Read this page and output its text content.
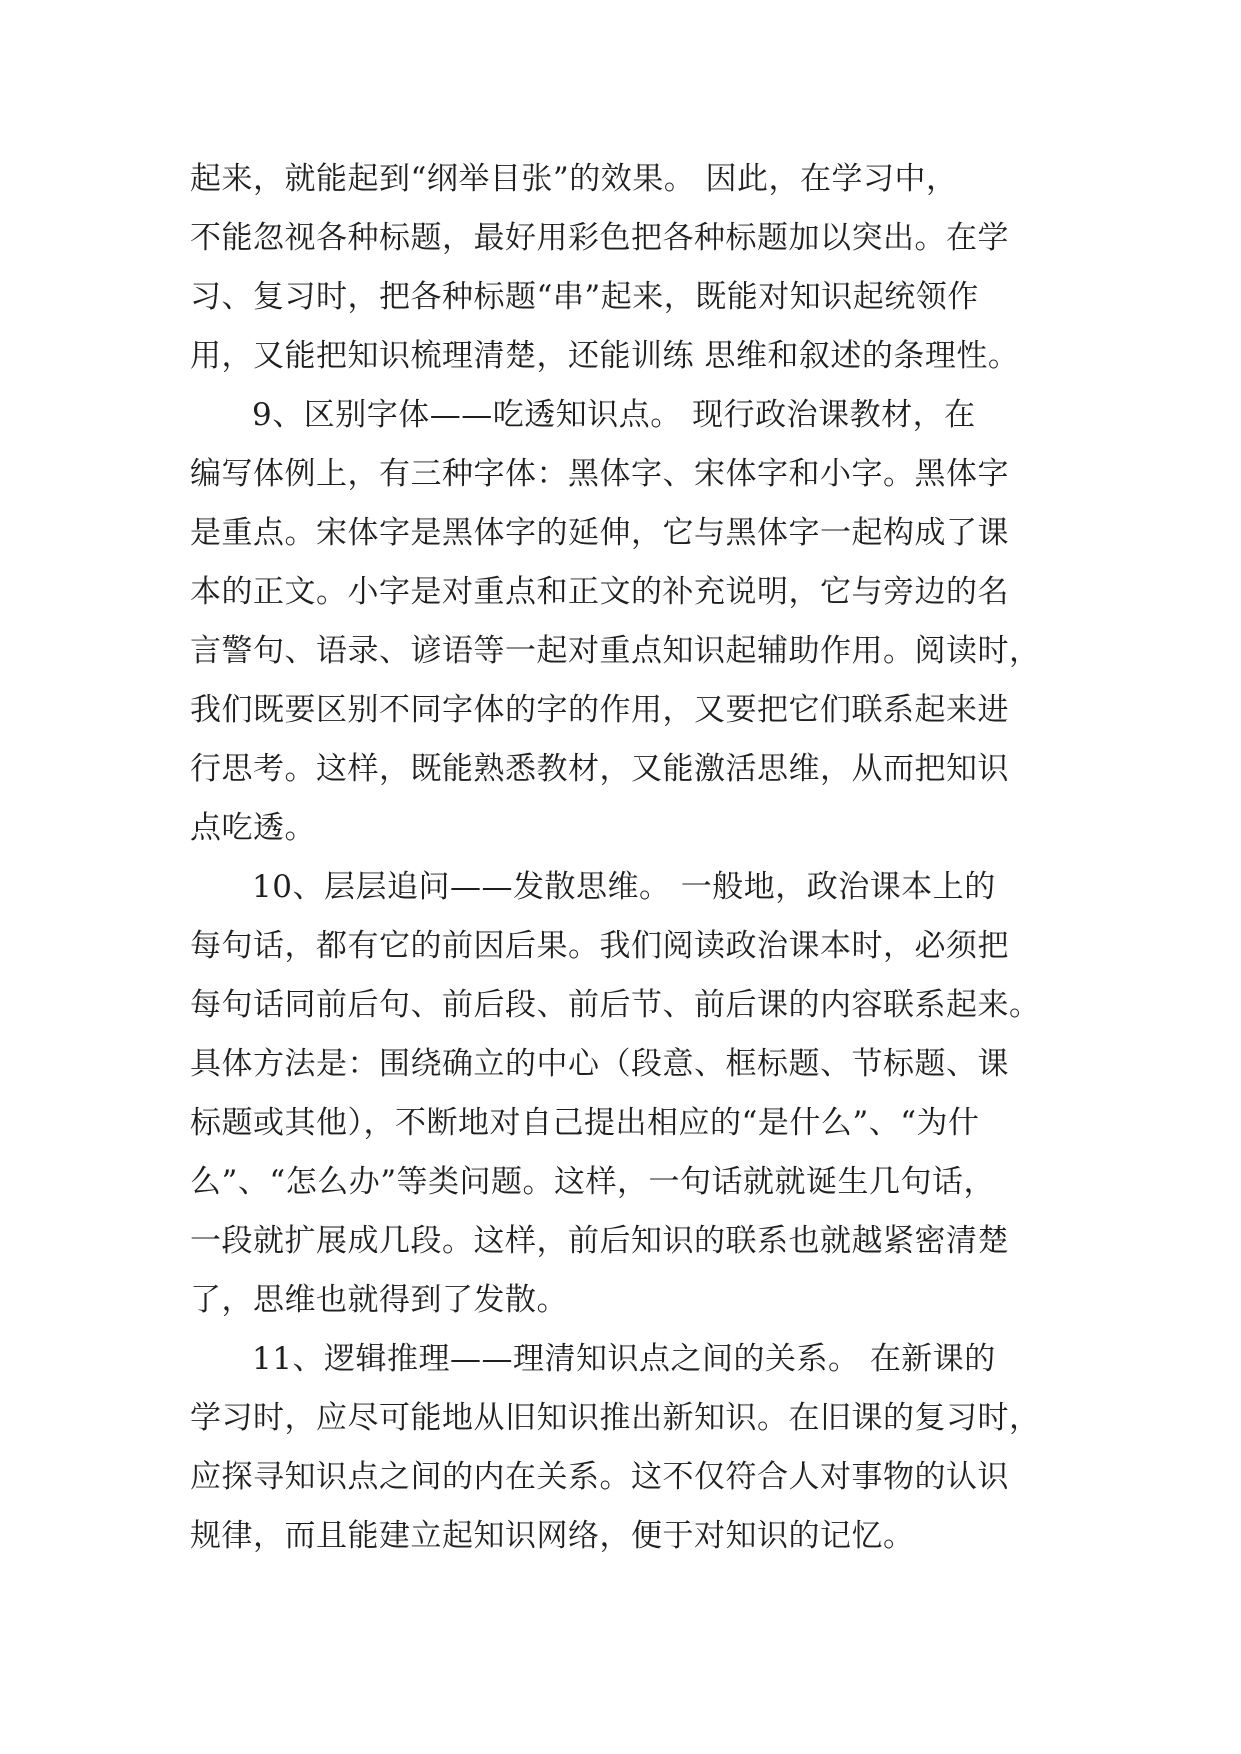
起来，就能起到“纲举目张”的效果。 因此，在学习中，
不能忽视各种标题，最好用彩色把各种标题加以突出。在学
习、复习时，把各种标题“串”起来，既能对知识起统领作
用，又能把知识梳理清楚，还能训练 思维和叙述的条理性。
9、区别字体——吃透知识点。 现行政治课教材，在
编写体例上，有三种字体：黑体字、宋体字和小字。黑体字
是重点。宋体字是黑体字的延伸，它与黑体字一起构成了课
本的正文。小字是对重点和正文的补充说明，它与旁边的名
言警句、语录、谚语等一起对重点知识起辅助作用。阅读时，
我们既要区别不同字体的字的作用，又要把它们联系起来进
行思考。这样，既能熟悉教材，又能激活思维，从而把知识
点吃透。
10、层层追问——发散思维。 一般地，政治课本上的
每句话，都有它的前因后果。我们阅读政治课本时，必须把
每句话同前后句、前后段、前后节、前后课的内容联系起来。
具体方法是：围绕确立的中心（段意、框标题、节标题、课
标题或其他），不断地对自己提出相应的“是什么”、“为什
么”、“怎么办”等类问题。这样，一句话就就诞生几句话，
一段就扩展成几段。这样，前后知识的联系也就越紧密清楚
了，思维也就得到了发散。
11、逻辑推理——理清知识点之间的关系。 在新课的
学习时，应尽可能地从旧知识推出新知识。在旧课的复习时，
应探寻知识点之间的内在关系。这不仅符合人对事物的认识
规律，而且能建立起知识网络，便于对知识的记忆。
